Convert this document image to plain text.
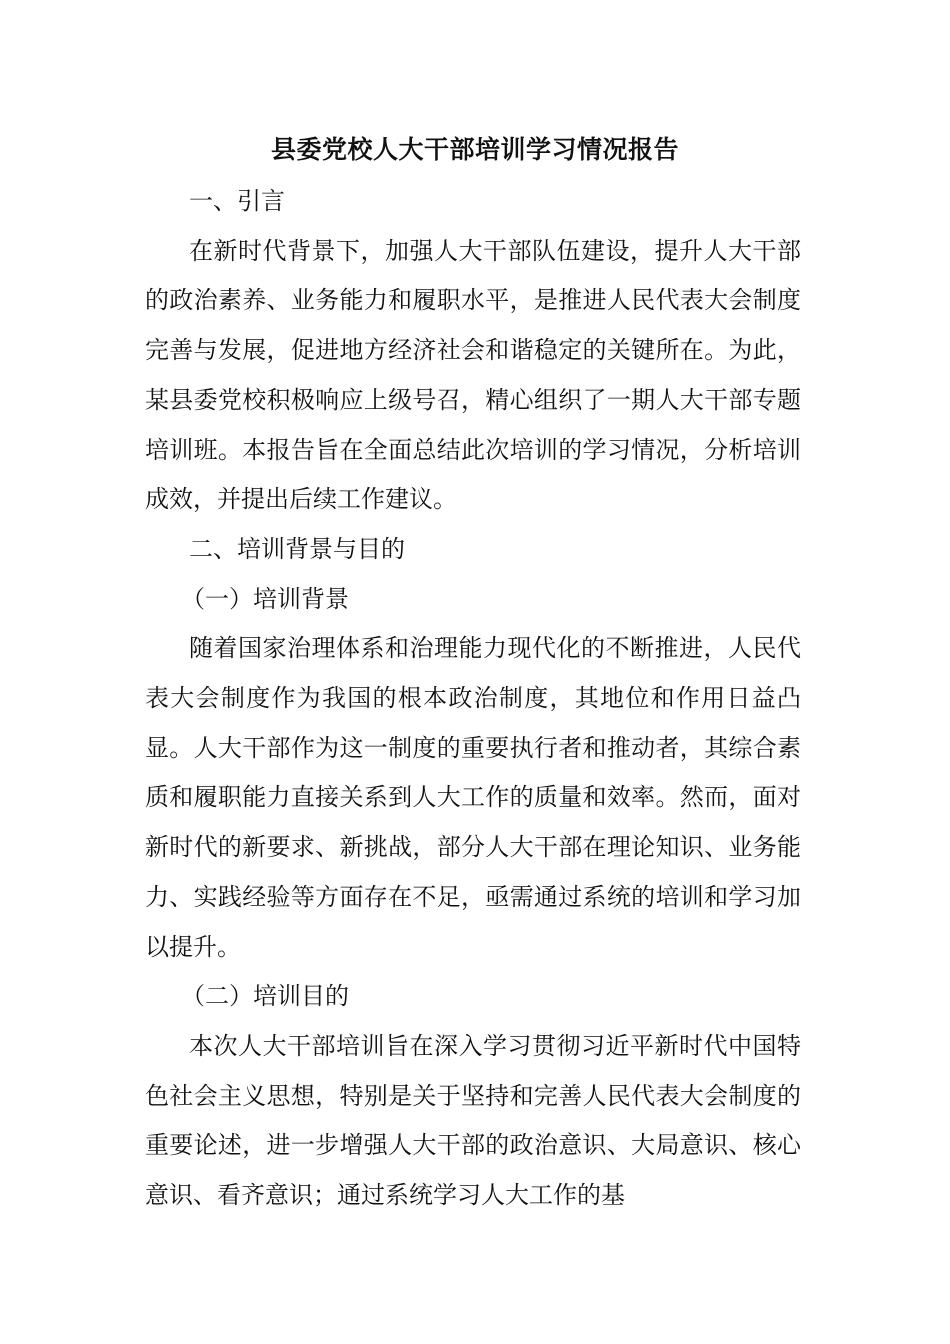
县委党校人大干部培训学习情况报告

一、引言

在新时代背景下，加强人大干部队伍建设，提升人大干部的政治素养、业务能力和履职水平，是推进人民代表大会制度完善与发展，促进地方经济社会和谐稳定的关键所在。为此，某县委党校积极响应上级号召，精心组织了一期人大干部专题培训班。本报告旨在全面总结此次培训的学习情况，分析培训成效，并提出后续工作建议。

二、培训背景与目的

（一）培训背景

随着国家治理体系和治理能力现代化的不断推进，人民代表大会制度作为我国的根本政治制度，其地位和作用日益凸显。人大干部作为这一制度的重要执行者和推动者，其综合素质和履职能力直接关系到人大工作的质量和效率。然而，面对新时代的新要求、新挑战，部分人大干部在理论知识、业务能力、实践经验等方面存在不足，亟需通过系统的培训和学习加以提升。

（二）培训目的

本次人大干部培训旨在深入学习贯彻习近平新时代中国特色社会主义思想，特别是关于坚持和完善人民代表大会制度的重要论述，进一步增强人大干部的政治意识、大局意识、核心意识、看齐意识；通过系统学习人大工作的基
